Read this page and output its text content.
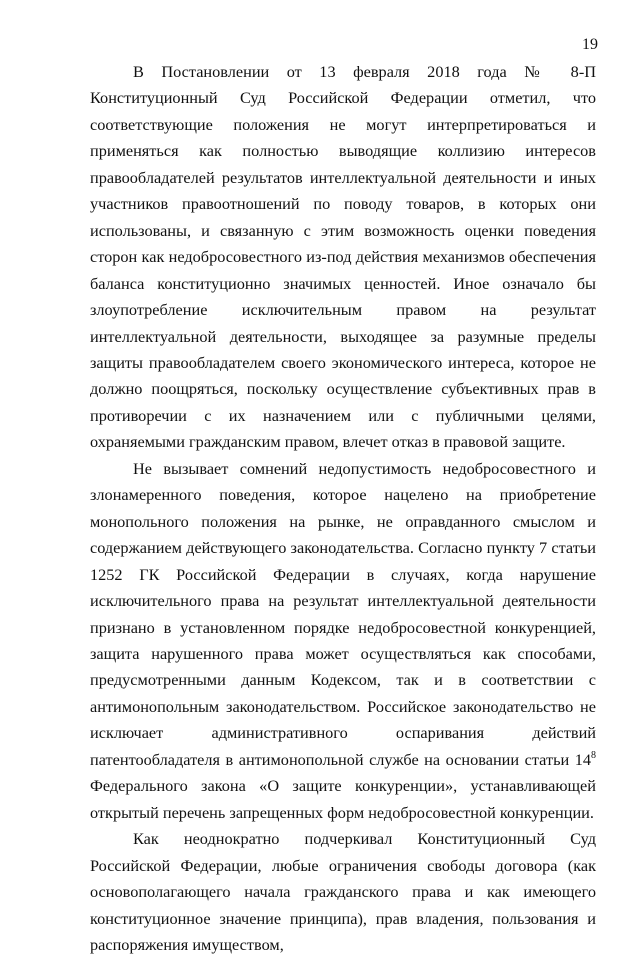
19

В Постановлении от 13 февраля 2018 года № 8-П Конституционный Суд Российской Федерации отметил, что соответствующие положения не могут интерпретироваться и применяться как полностью выводящие коллизию интересов правообладателей результатов интеллектуальной деятельности и иных участников правоотношений по поводу товаров, в которых они использованы, и связанную с этим возможность оценки поведения сторон как недобросовестного из-под действия механизмов обеспечения баланса конституционно значимых ценностей. Иное означало бы злоупотребление исключительным правом на результат интеллектуальной деятельности, выходящее за разумные пределы защиты правообладателем своего экономического интереса, которое не должно поощряться, поскольку осуществление субъективных прав в противоречии с их назначением или с публичными целями, охраняемыми гражданским правом, влечет отказ в правовой защите.

Не вызывает сомнений недопустимость недобросовестного и злонамеренного поведения, которое нацелено на приобретение монопольного положения на рынке, не оправданного смыслом и содержанием действующего законодательства. Согласно пункту 7 статьи 1252 ГК Российской Федерации в случаях, когда нарушение исключительного права на результат интеллектуальной деятельности признано в установленном порядке недобросовестной конкуренцией, защита нарушенного права может осуществляться как способами, предусмотренными данным Кодексом, так и в соответствии с антимонопольным законодательством. Российское законодательство не исключает административного оспаривания действий патентообладателя в антимонопольной службе на основании статьи $14^8$ Федерального закона «О защите конкуренции», устанавливающей открытый перечень запрещенных форм недобросовестной конкуренции.

Как неоднократно подчеркивал Конституционный Суд Российской Федерации, любые ограничения свободы договора (как основополагающего начала гражданского права и как имеющего конституционное значение принципа), прав владения, пользования и распоряжения имуществом,
